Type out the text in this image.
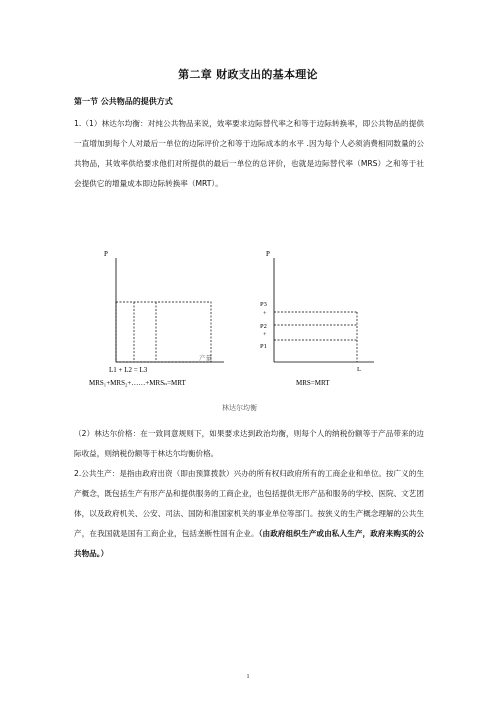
第二章 财政支出的基本理论
第一节 公共物品的提供方式
1.（1）林达尔均衡：对纯公共物品来说，效率要求边际替代率之和等于边际转换率，即公共物品的提供一直增加到每个人对最后一单位的边际评价之和等于边际成本的水平 .因为每个人必须消费相同数量的公共物品，其效率供给要求他们对所提供的最后一单位的总评价，也就是边际替代率（MRS）之和等于社会提供它的增量成本即边际转换率（MRT）。
P
产量
L1 + L2 = L3
MRS₁+MRS₂+……+MRSₙ=MRT
P
P3
+
P2
+
P1
L
MRS=MRT
林达尔均衡
（2）林达尔价格：在一致同意规则下，如果要求达到政治均衡，则每个人的纳税份额等于产品带来的边际收益，则纳税份额等于林达尔均衡价格。
2.公共生产：是指由政府出资（即由预算拨款）兴办的所有权归政府所有的工商企业和单位。按广义的生产概念，既包括生产有形产品和提供服务的工商企业，也包括提供无形产品和服务的学校、医院、文艺团体，以及政府机关、公安、司法、国防和准国家机关的事业单位等部门。按狭义的生产概念理解的公共生产，在我国就是国有工商企业，包括垄断性国有企业。（由政府组织生产或由私人生产，政府来购买的公共物品。）
1
